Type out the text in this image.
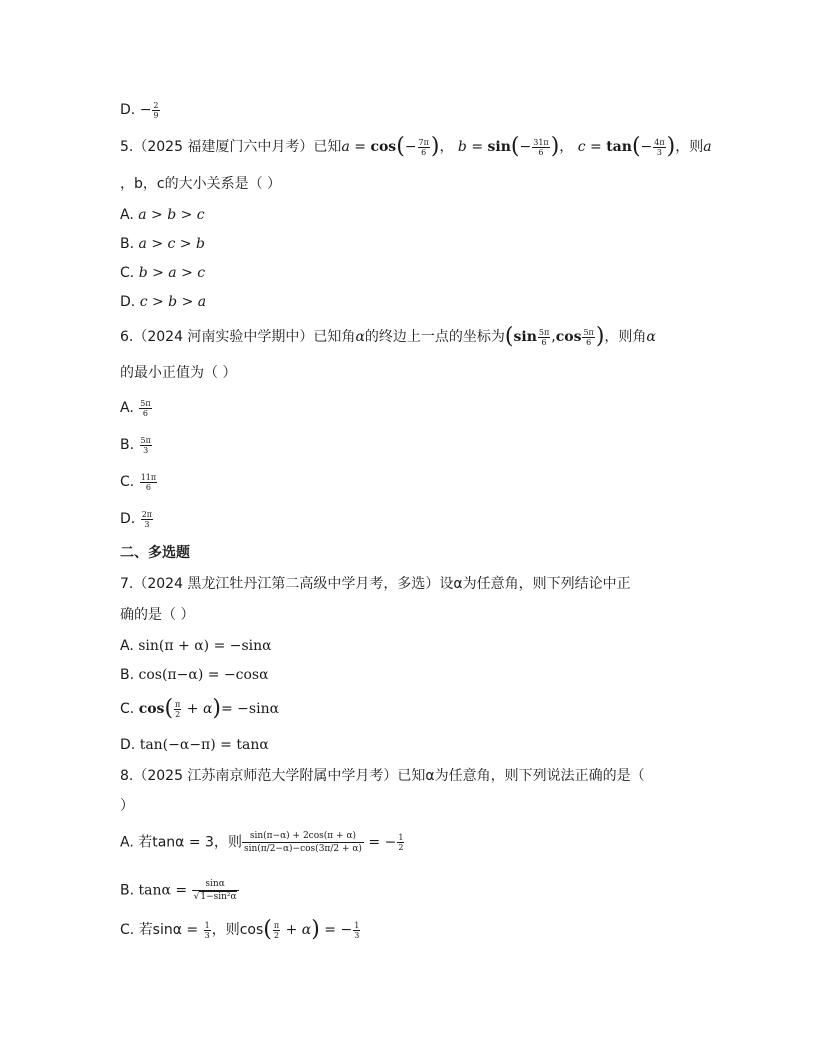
D. − $\frac{2}{9}$
5.（2025 福建厦门六中月考）已知$a = \cos(- \frac{7\pi}{6}$ )， $b = \sin(- \frac{31\pi}{6}$ )， $c = \tan(- \frac{4\pi}{3}$ )，则a
，b，c的大小关系是（ ）
A. a > b > c
B. a > c > b
C. b > a > c
D. c > b > a
6.（2024 河南实验中学期中）已知角α的终边上一点的坐标为($\sin \frac{5\pi}{6} ,\cos \frac{5\pi}{6}$ )，则角α
的最小正值为（ ）
A. $\frac{5\pi}{6}$
B. $\frac{5\pi}{3}$
C. $\frac{11\pi}{6}$
D. $\frac{2\pi}{3}$
二、多选题
7.（2024 黑龙江牡丹江第二高级中学月考，多选）设α为任意角，则下列结论中正
确的是（ ）
A. sin(π + α) = −sinα
B. cos(π−α) = −cosα
C. $\cos( \frac{\pi}{2} + \alpha)= -\sin\alpha$
D. tan(−α−π) = tanα
8.（2025 江苏南京师范大学附属中学月考）已知α为任意角，则下列说法正确的是（
）
A. 若tanα = 3，则 $\frac{\sin(\pi-\alpha) + 2\cos(\pi + \alpha)}{\sin(\pi/2-\alpha)-\cos(3\pi/2 + \alpha)}$ = − $\frac{1}{2}$
B. $\tan\alpha = \frac{\sin\alpha}{\text{√1−sin²α}}$
C. 若$\sin\alpha = \frac{1}{3}$ ，则$\cos( \frac{\pi}{2} + \alpha)$ = − $\frac{1}{3}$
